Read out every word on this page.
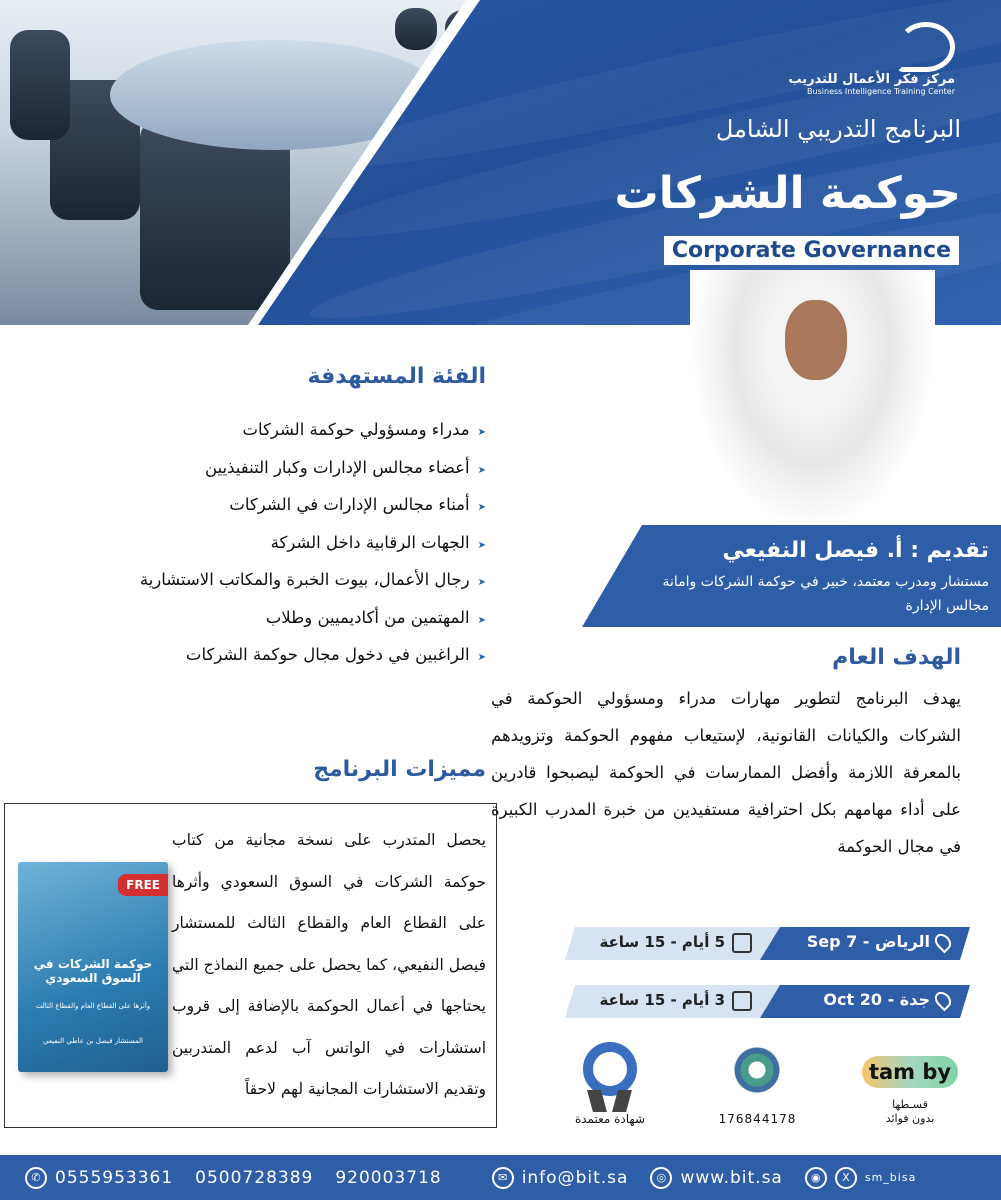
مركز فكر الأعمال للتدريب
Business Intelligence Training Center
البرنامج التدريبي الشامل
حوكمة الشركات
Corporate Governance
تقديم : أ. فيصل النفيعي
مستشار ومدرب معتمد، خبير في حوكمة الشركات وامانة مجالس الإدارة
الفئة المستهدفة
➤مدراء ومسؤولي حوكمة الشركات
➤أعضاء مجالس الإدارات وكبار التنفيذيين
➤أمناء مجالس الإدارات في الشركات
➤الجهات الرقابية داخل الشركة
➤رجال الأعمال، بيوت الخبرة والمكاتب الاستشارية
➤المهتمين من أكاديميين وطلاب
➤الراغبين في دخول مجال حوكمة الشركات
مميزات البرنامج
يحصل المتدرب على نسخة مجانية من كتاب حوكمة الشركات في السوق السعودي وأثرها على القطاع العام والقطاع الثالث للمستشار فيصل النفيعي، كما يحصل على جميع النماذج التي يحتاجها في أعمال الحوكمة بالإضافة إلى قروب استشارات في الواتس آب لدعم المتدربين وتقديم الاستشارات المجانية لهم لاحقاً
FREE
حوكمة الشركات في السوق السعودي
وأثرها على القطاع العام والقطاع الثالث
المستشار فيصل بن عاطي النفيعي
الهدف العام
يهدف البرنامج لتطوير مهارات مدراء ومسؤولي الحوكمة في الشركات والكيانات القانونية، لإستيعاب مفهوم الحوكمة وتزويدهم بالمعرفة اللازمة وأفضل الممارسات في الحوكمة ليصبحوا قادرين على أداء مهامهم بكل احترافية مستفيدين من خبرة المدرب الكبيرة في مجال الحوكمة
الرياض - 7 Sep
5 أيام - 15 ساعة
جدة - 20 Oct
3 أيام - 15 ساعة
شهادة معتمدة	176844178
tam by
قسـطها
بدون فوائد
✆ 0555953361 0500728389 920003718	✉ info@bit.sa	◎ www.bit.sa	◉	X	sm_bisa
